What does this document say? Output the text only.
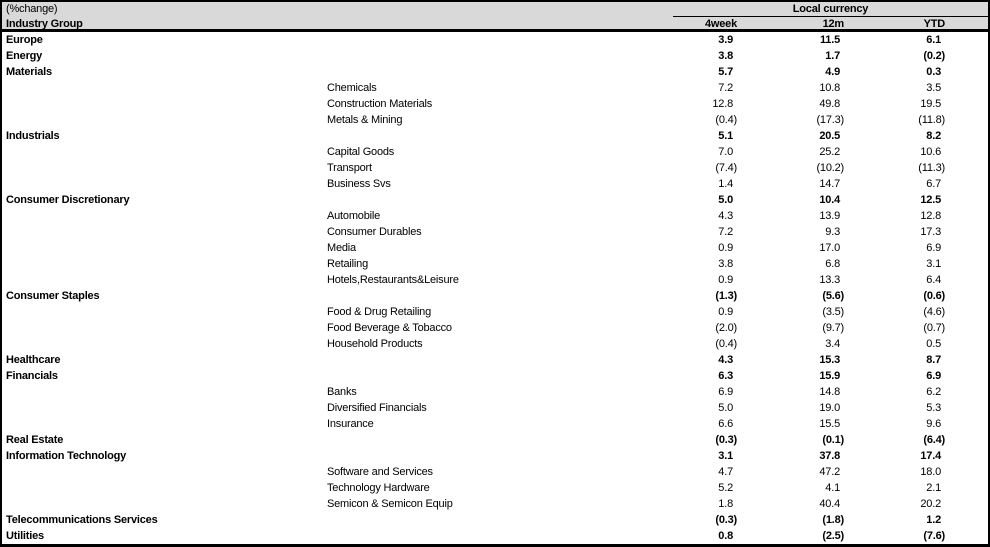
(%change)
Industry Group	4week	12m	YTD
Local currency
Europe	3.9	11.5	6.1
Energy	3.8	1.7	(0.2)
Materials	5.7	4.9	0.3
Chemicals	7.2	10.8	3.5
Construction Materials	12.8	49.8	19.5
Metals & Mining	(0.4)	(17.3)	(11.8)
Industrials	5.1	20.5	8.2
Capital Goods	7.0	25.2	10.6
Transport	(7.4)	(10.2)	(11.3)
Business Svs	1.4	14.7	6.7
Consumer Discretionary	5.0	10.4	12.5
Automobile	4.3	13.9	12.8
Consumer Durables	7.2	9.3	17.3
Media	0.9	17.0	6.9
Retailing	3.8	6.8	3.1
Hotels,Restaurants&Leisure	0.9	13.3	6.4
Consumer Staples	(1.3)	(5.6)	(0.6)
Food & Drug Retailing	0.9	(3.5)	(4.6)
Food Beverage & Tobacco	(2.0)	(9.7)	(0.7)
Household Products	(0.4)	3.4	0.5
Healthcare	4.3	15.3	8.7
Financials	6.3	15.9	6.9
Banks	6.9	14.8	6.2
Diversified Financials	5.0	19.0	5.3
Insurance	6.6	15.5	9.6
Real Estate	(0.3)	(0.1)	(6.4)
Information Technology	3.1	37.8	17.4
Software and Services	4.7	47.2	18.0
Technology Hardware	5.2	4.1	2.1
Semicon & Semicon Equip	1.8	40.4	20.2
Telecommunications Services	(0.3)	(1.8)	1.2
Utilities	0.8	(2.5)	(7.6)
